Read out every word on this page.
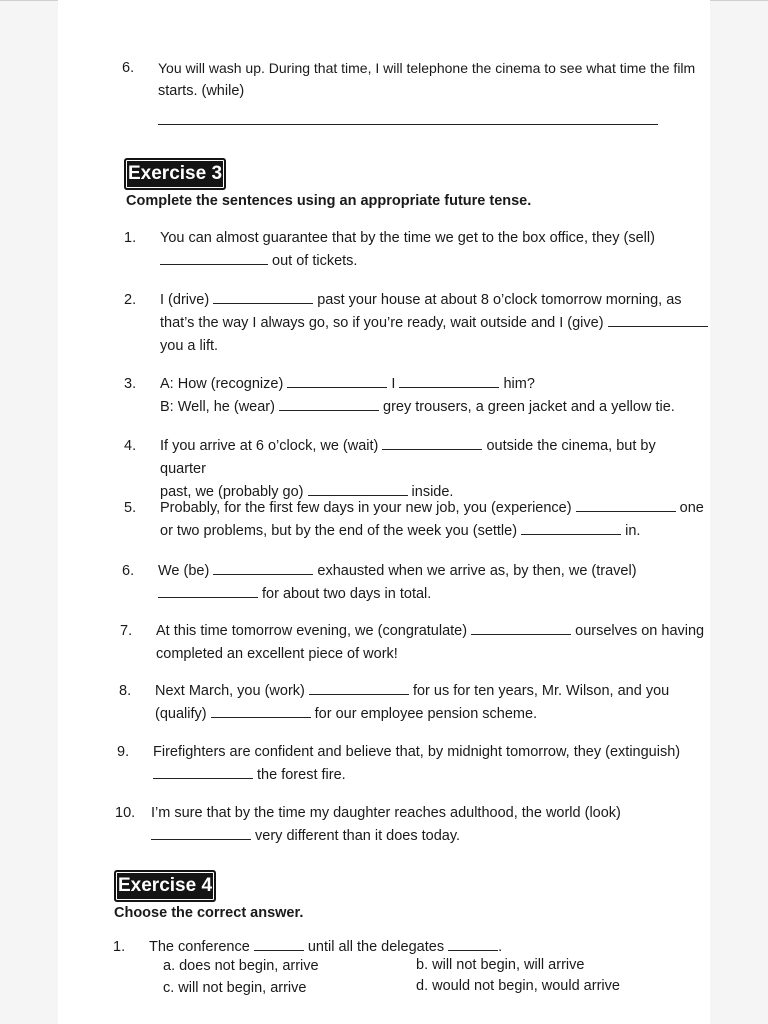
6.	You will wash up. During that time, I will telephone the cinema to see what time the film
starts. (while)
Exercise 3
Complete the sentences using an appropriate future tense.
1.	You can almost guarantee that by the time we get to the box office, they (sell)
out of tickets.
2.	I (drive)	past your house at about 8 o’clock tomorrow morning, as
that’s the way I always go, so if you’re ready, wait outside and I (give)
you a lift.
3.	A: How (recognize)	I	him?
B: Well, he (wear)	grey trousers, a green jacket and a yellow tie.
4.	If you arrive at 6 o’clock, we (wait)	outside the cinema, but by quarter
past, we (probably go)	inside.
5.	Probably, for the first few days in your new job, you (experience)	one
or two problems, but by the end of the week you (settle)	in.
6.	We (be)	exhausted when we arrive as, by then, we (travel)
for about two days in total.
7.	At this time tomorrow evening, we (congratulate)	ourselves on having
completed an excellent piece of work!
8.	Next March, you (work)	for us for ten years, Mr. Wilson, and you
(qualify)	for our employee pension scheme.
9.	Firefighters are confident and believe that, by midnight tomorrow, they (extinguish)
the forest fire.
10.	I’m sure that by the time my daughter reaches adulthood, the world (look)
very different than it does today.
Exercise 4
Choose the correct answer.
1.	The conference	until all the delegates	.
a. does not begin, arrive	b. will not begin, will arrive
c. will not begin, arrive	d. would not begin, would arrive
